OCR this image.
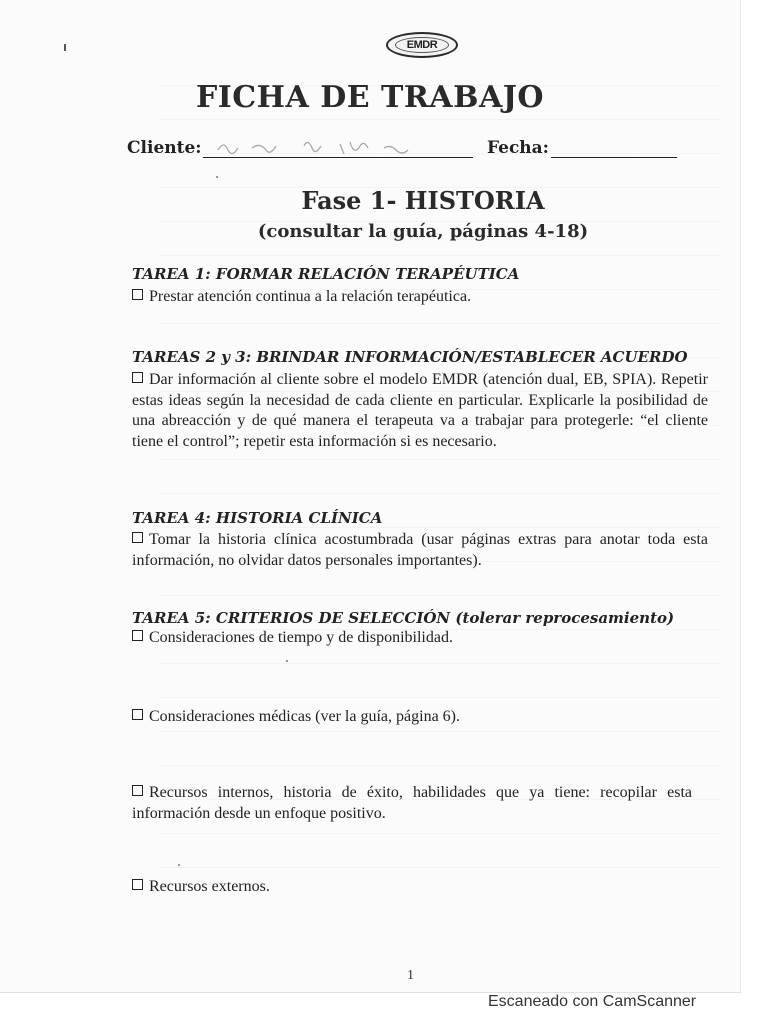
EMDR
FICHA DE TRABAJO
Cliente:	Fecha:
Fase 1- HISTORIA
(consultar la guía, páginas 4-18)
TAREA 1: FORMAR RELACIÓN TERAPÉUTICA
Prestar atención continua a la relación terapéutica.
TAREAS 2 y 3: BRINDAR INFORMACIÓN/ESTABLECER ACUERDO
Dar información al cliente sobre el modelo EMDR (atención dual, EB, SPIA). Repetir estas ideas según la necesidad de cada cliente en particular. Explicarle la posibilidad de una abreacción y de qué manera el terapeuta va a trabajar para protegerle: “el cliente tiene el control”; repetir esta información si es necesario.
TAREA 4: HISTORIA CLÍNICA
Tomar la historia clínica acostumbrada (usar páginas extras para anotar toda esta información, no olvidar datos personales importantes).
TAREA 5: CRITERIOS DE SELECCIÓN (tolerar reprocesamiento)
Consideraciones de tiempo y de disponibilidad.
Consideraciones médicas (ver la guía, página 6).
Recursos internos, historia de éxito, habilidades que ya tiene: recopilar esta información desde un enfoque positivo.
Recursos externos.
1
Escaneado con CamScanner
